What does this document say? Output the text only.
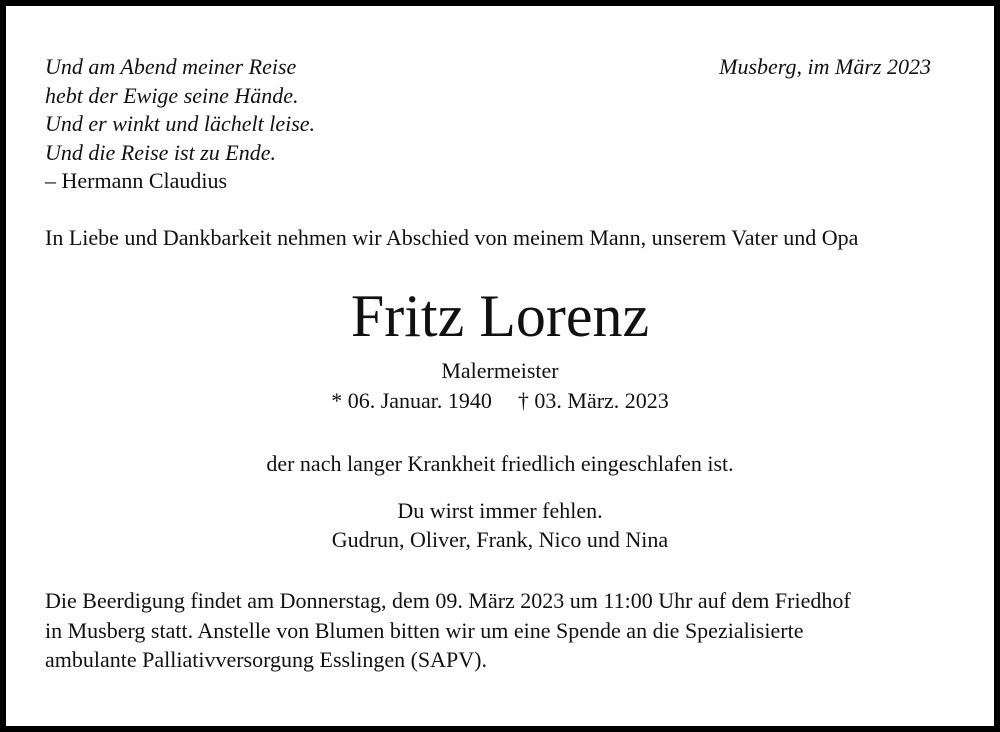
Und am Abend meiner Reise
hebt der Ewige seine Hände.
Und er winkt und lächelt leise.
Und die Reise ist zu Ende.
– Hermann Claudius
Musberg, im März 2023
In Liebe und Dankbarkeit nehmen wir Abschied von meinem Mann, unserem Vater und Opa
Fritz Lorenz
Malermeister
* 06. Januar. 1940 † 03. März. 2023
der nach langer Krankheit friedlich eingeschlafen ist.
Du wirst immer fehlen.
Gudrun, Oliver, Frank, Nico und Nina
Die Beerdigung findet am Donnerstag, dem 09. März 2023 um 11:00 Uhr auf dem Friedhof
in Musberg statt. Anstelle von Blumen bitten wir um eine Spende an die Spezialisierte
ambulante Palliativversorgung Esslingen (SAPV).
